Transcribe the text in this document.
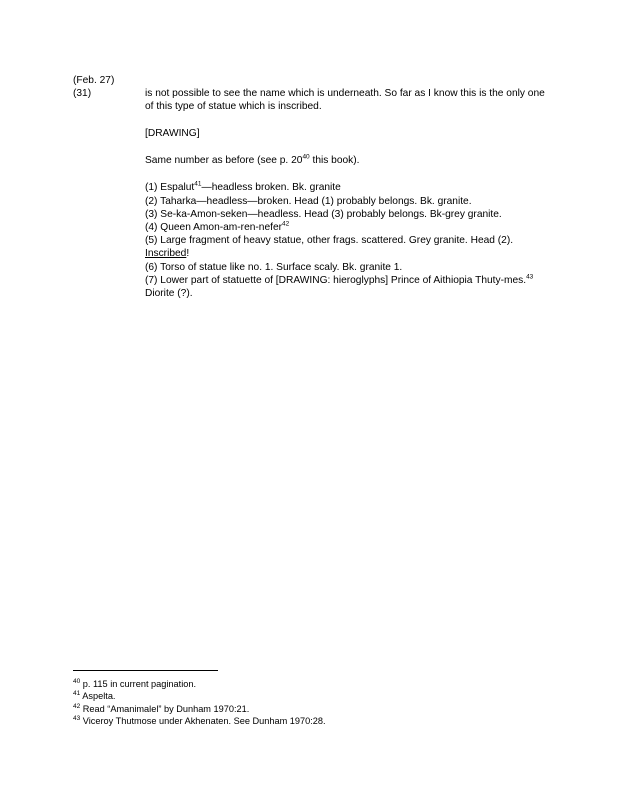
(Feb. 27)
(31)	is not possible to see the name which is underneath. So far as I know this is the only one
of this type of statue which is inscribed.
[DRAWING]
Same number as before (see p. $20^{40}$ this book).
(1) Espalut$^{41}$—headless broken. Bk. granite
(2) Taharka—headless—broken. Head (1) probably belongs. Bk. granite.
(3) Se-ka-Amon-seken—headless. Head (3) probably belongs. Bk-grey granite.
(4) Queen Amon-am-ren-nefer$^{42}$
(5) Large fragment of heavy statue, other frags. scattered. Grey granite. Head (2).
Inscribed!
(6) Torso of statue like no. 1. Surface scaly. Bk. granite 1.
(7) Lower part of statuette of [DRAWING: hieroglyphs] Prince of Aithiopia Thuty-mes.$^{43}$
Diorite (?).
$^{40}$ p. 115 in current pagination.
$^{41}$ Aspelta.
$^{42}$ Read “Amanimalel” by Dunham 1970:21.
$^{43}$ Viceroy Thutmose under Akhenaten. See Dunham 1970:28.
